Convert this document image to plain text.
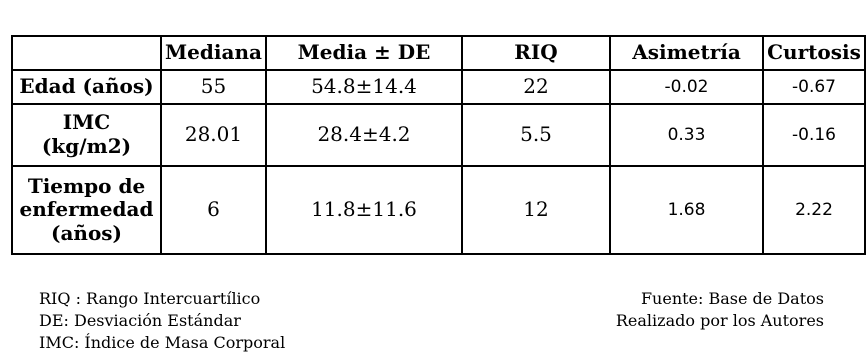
	Mediana	Media ± DE	RIQ	Asimetría	Curtosis

Edad (años)	55	54.8±14.4	22	-0.02	-0.67

IMC
(kg/m2)	28.01	28.4±4.2	5.5	0.33	-0.16

Tiempo de
enfermedad
(años)	6	11.8±11.6	12	1.68	2.22
RIQ : Rango Intercuartílico
DE: Desviación Estándar
IMC: Índice de Masa Corporal
Fuente: Base de Datos
Realizado por los Autores
